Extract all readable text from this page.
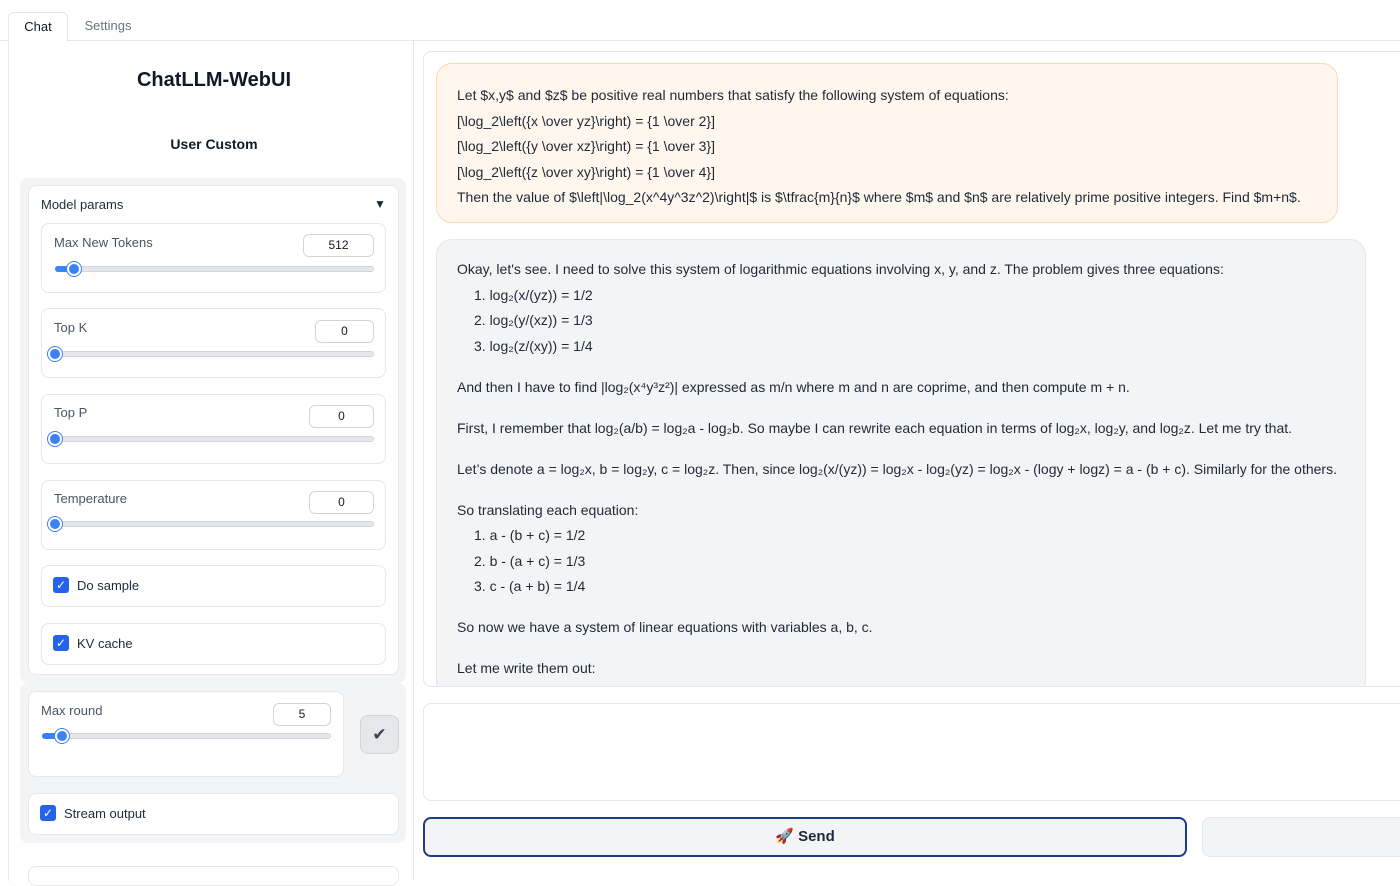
Chat	Settings
ChatLLM-WebUI
User Custom
Model params	▼
Max New Tokens	512
Top K	0
Top P	0
Temperature	0
✓ Do sample
✓ KV cache
Max round	5
✔
✓ Stream output
Let $x,y$ and $z$ be positive real numbers that satisfy the following system of equations:
[\log_2\left({x \over yz}\right) = {1 \over 2}]
[\log_2\left({y \over xz}\right) = {1 \over 3}]
[\log_2\left({z \over xy}\right) = {1 \over 4}]
Then the value of $\left|\log_2(x^4y^3z^2)\right|$ is $\tfrac{m}{n}$ where $m$ and $n$ are relatively prime positive integers. Find $m+n$.

Okay, let's see. I need to solve this system of logarithmic equations involving x, y, and z. The problem gives three equations:

1. log₂(x/(yz)) = 1/2
2. log₂(y/(xz)) = 1/3
3. log₂(z/(xy)) = 1/4

And then I have to find |log₂(x⁴y³z²)| expressed as m/n where m and n are coprime, and then compute m + n.

First, I remember that log₂(a/b) = log₂a - log₂b. So maybe I can rewrite each equation in terms of log₂x, log₂y, and log₂z. Let me try that.

Let’s denote a = log₂x, b = log₂y, c = log₂z. Then, since log₂(x/(yz)) = log₂x - log₂(yz) = log₂x - (logy + logz) = a - (b + c). Similarly for the others.

So translating each equation:

1. a - (b + c) = 1/2
2. b - (a + c) = 1/3
3. c - (a + b) = 1/4

So now we have a system of linear equations with variables a, b, c.

Let me write them out:

🚀 Send
